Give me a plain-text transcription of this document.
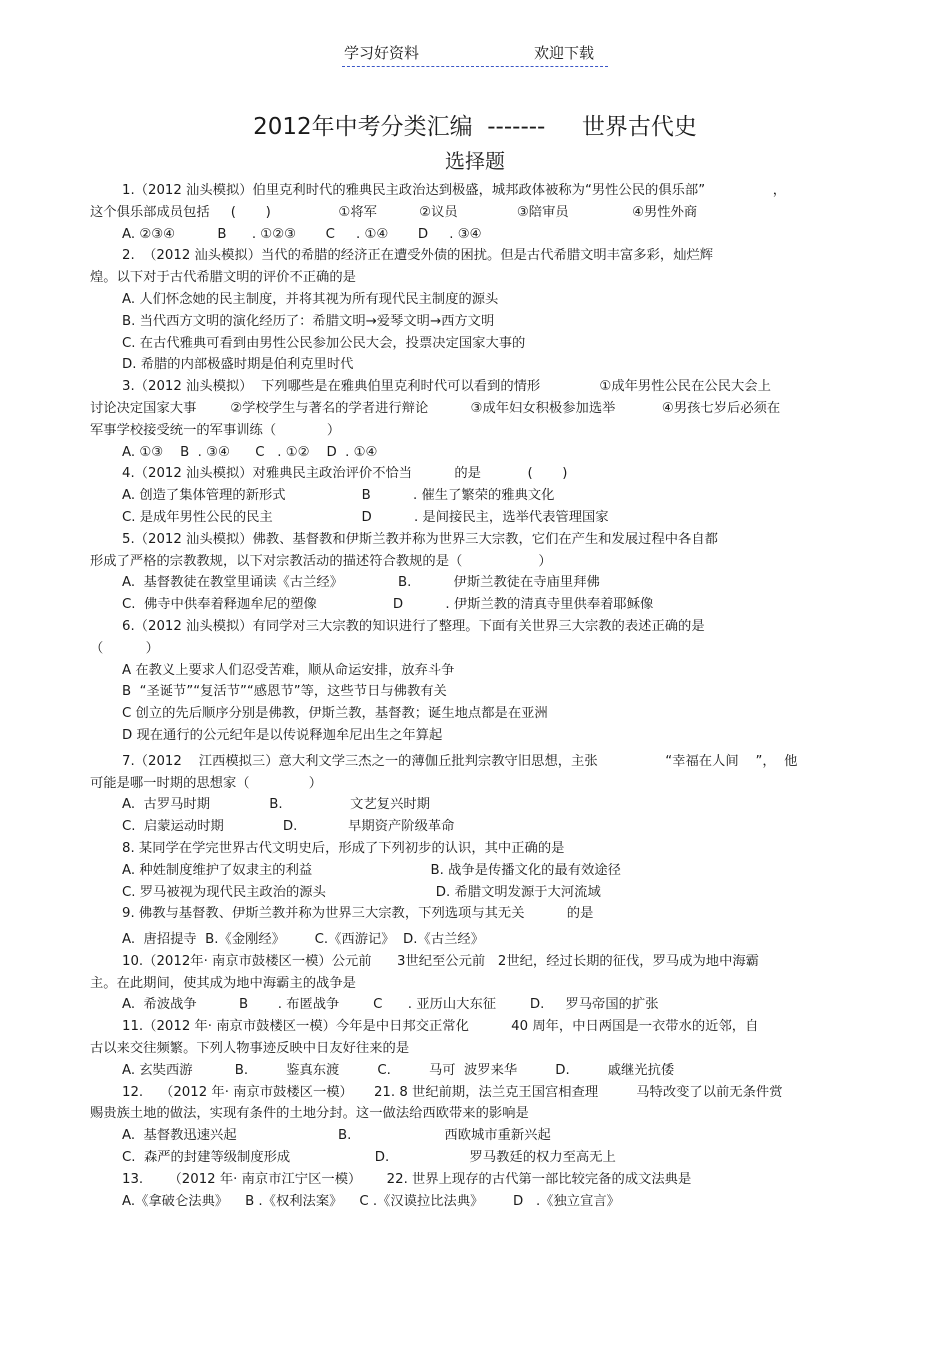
学习好资料	欢迎下载
2012年中考分类汇编  -------     世界古代史
选择题
1.（2012 汕头模拟）伯里克利时代的雅典民主政治达到极盛，城邦政体被称为“男性公民的俱乐部”                ，
这个俱乐部成员包括     (       )                ①将军          ②议员              ③陪审员               ④男性外商
A. ②③④          B      . ①②③       C     . ①④       D     . ③④
2.  （2012 汕头模拟）当代的希腊的经济正在遭受外债的困扰。但是古代希腊文明丰富多彩，灿烂辉
煌。以下对于古代希腊文明的评价不正确的是
A. 人们怀念她的民主制度，并将其视为所有现代民主制度的源头
B. 当代西方文明的演化经历了：希腊文明→爱琴文明→西方文明
C. 在古代雅典可看到由男性公民参加公民大会，投票决定国家大事的
D. 希腊的内部极盛时期是伯利克里时代
3.（2012 汕头模拟）  下列哪些是在雅典伯里克利时代可以看到的情形              ①成年男性公民在公民大会上
讨论决定国家大事        ②学校学生与著名的学者进行辩论          ③成年妇女积极参加选举           ④男孩七岁后必须在
军事学校接受统一的军事训练（            ）
A. ①③    B  . ③④      C   . ①②    D  . ①④
4.（2012 汕头模拟）对雅典民主政治评价不恰当          的是           (       )
A. 创造了集体管理的新形式                  B          . 催生了繁荣的雅典文化
C. 是成年男性公民的民主                     D          . 是间接民主，选举代表管理国家
5.（2012 汕头模拟）佛教、基督教和伊斯兰教并称为世界三大宗教，它们在产生和发展过程中各自都
形成了严格的宗教教规，以下对宗教活动的描述符合教规的是（                  ）
A.  基督教徒在教堂里诵读《古兰经》             B.          伊斯兰教徒在寺庙里拜佛
C.  佛寺中供奉着释迦牟尼的塑像                  D          . 伊斯兰教的清真寺里供奉着耶稣像
6.（2012 汕头模拟）有同学对三大宗教的知识进行了整理。下面有关世界三大宗教的表述正确的是
（          ）
A 在教义上要求人们忍受苦难，顺从命运安排，放弃斗争
B  “圣诞节”“复活节”“感恩节”等，这些节日与佛教有关
C 创立的先后顺序分别是佛教，伊斯兰教，基督教；诞生地点都是在亚洲
D 现在通行的公元纪年是以传说释迦牟尼出生之年算起
7.（2012    江西模拟三）意大利文学三杰之一的薄伽丘批判宗教守旧思想，主张                “幸福在人间    ”，  他
可能是哪一时期的思想家（              ）
A.  古罗马时期              B.                文艺复兴时期
C.  启蒙运动时期              D.            早期资产阶级革命
8. 某同学在学完世界古代文明史后，形成了下列初步的认识，其中正确的是
A. 种姓制度维护了奴隶主的利益                            B. 战争是传播文化的最有效途径
C. 罗马被视为现代民主政治的源头                          D. 希腊文明发源于大河流域
9. 佛教与基督教、伊斯兰教并称为世界三大宗教，下列选项与其无关          的是
A.  唐招提寺  B.《金刚经》       C.《西游记》  D.《古兰经》
10.（2012年· 南京市鼓楼区一模）公元前      3世纪至公元前   2世纪，经过长期的征伐，罗马成为地中海霸
主。在此期间，使其成为地中海霸主的战争是
A.  希波战争          B       . 布匿战争        C      . 亚历山大东征        D.     罗马帝国的扩张
11.（2012 年· 南京市鼓楼区一模）今年是中日邦交正常化          40 周年，中日两国是一衣带水的近邻，自
古以来交往频繁。下列人物事迹反映中日友好往来的是
A. 玄奘西游          B.         鉴真东渡         C.         马可  波罗来华         D.         戚继光抗倭
12.    （2012 年· 南京市鼓楼区一模）     21. 8 世纪前期，法兰克王国宫相查理         马特改变了以前无条件赏
赐贵族土地的做法，实现有条件的土地分封。这一做法给西欧带来的影响是
A.  基督教迅速兴起                        B.                      西欧城市重新兴起
C.  森严的封建等级制度形成                    D.                   罗马教廷的权力至高无上
13.      （2012 年· 南京市江宁区一模）      22. 世界上现存的古代第一部比较完备的成文法典是
A.《拿破仑法典》    B .《权利法案》    C .《汉谟拉比法典》       D   .《独立宣言》
